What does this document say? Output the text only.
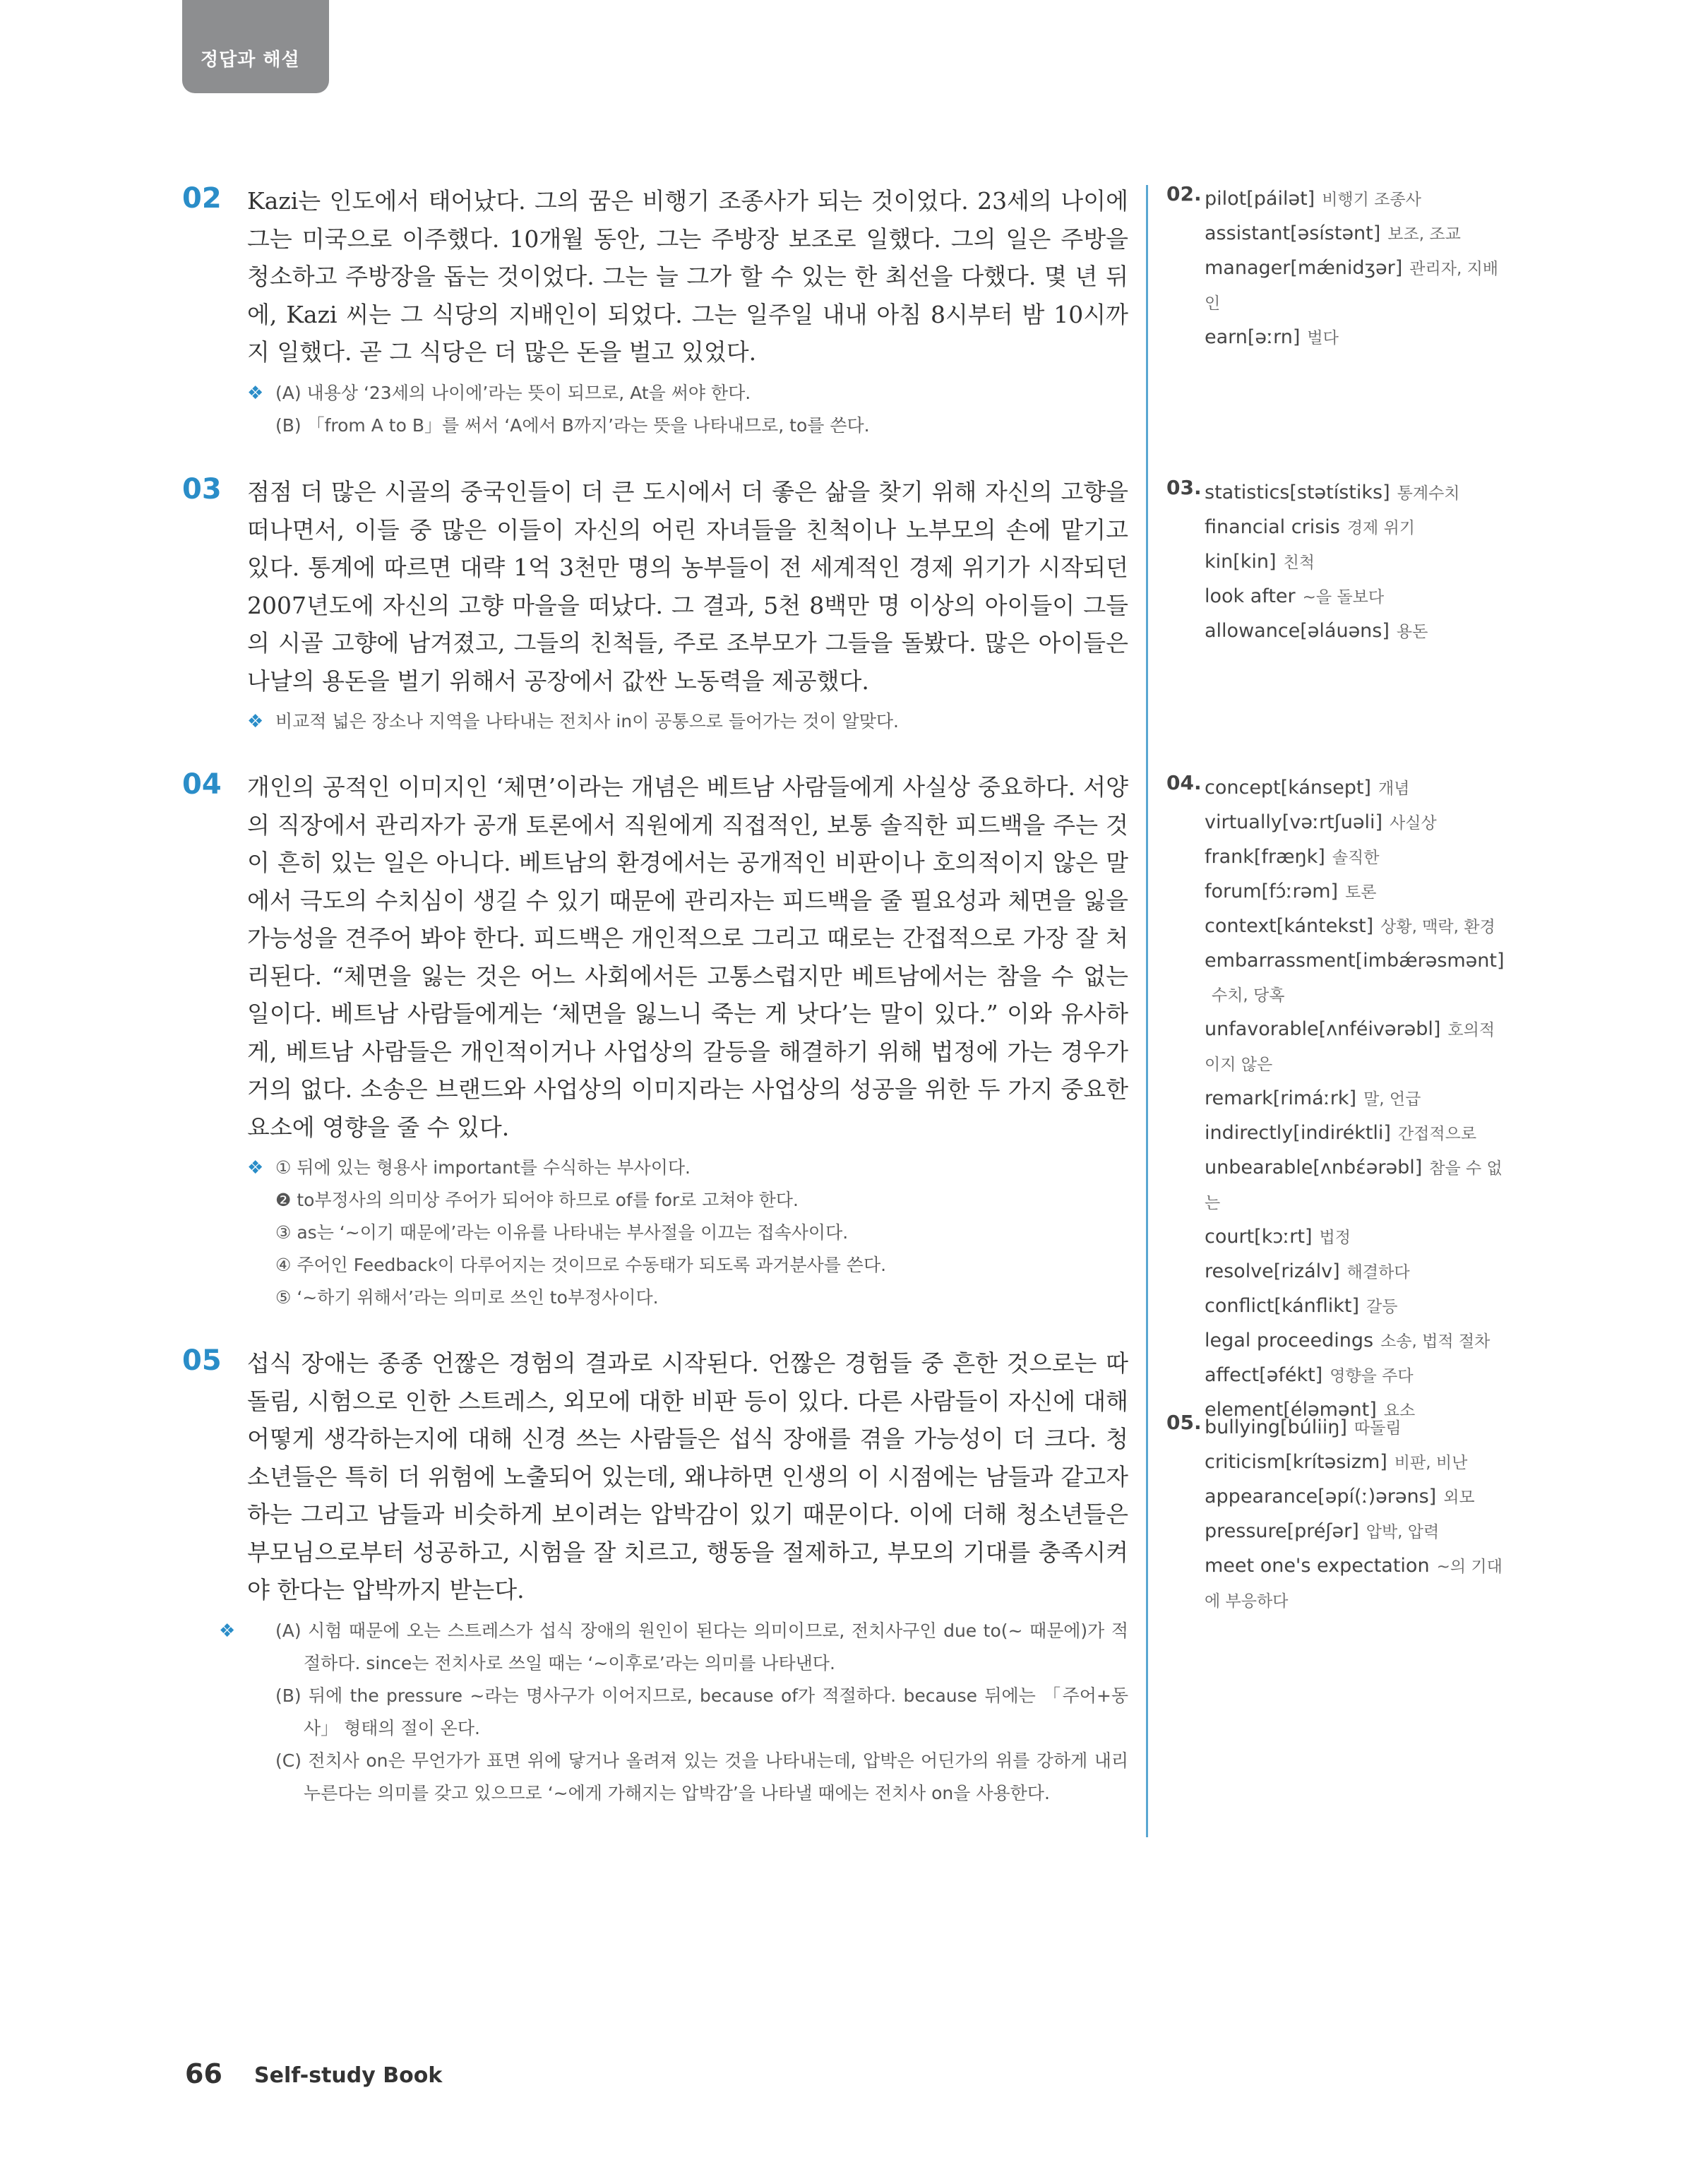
정답과 해설
02 Kazi는 인도에서 태어났다. 그의 꿈은 비행기 조종사가 되는 것이었다. 23세의 나이에 그는 미국으로 이주했다. 10개월 동안, 그는 주방장 보조로 일했다. 그의 일은 주방을 청소하고 주방장을 돕는 것이었다. 그는 늘 그가 할 수 있는 한 최선을 다했다. 몇 년 뒤에, Kazi 씨는 그 식당의 지배인이 되었다. 그는 일주일 내내 아침 8시부터 밤 10시까지 일했다. 곧 그 식당은 더 많은 돈을 벌고 있었다.
❖ (A) 내용상 ‘23세의 나이에’라는 뜻이 되므로, At을 써야 한다.
(B) 「from A to B」를 써서 ‘A에서 B까지’라는 뜻을 나타내므로, to를 쓴다.
03 점점 더 많은 시골의 중국인들이 더 큰 도시에서 더 좋은 삶을 찾기 위해 자신의 고향을 떠나면서, 이들 중 많은 이들이 자신의 어린 자녀들을 친척이나 노부모의 손에 맡기고 있다. 통계에 따르면 대략 1억 3천만 명의 농부들이 전 세계적인 경제 위기가 시작되던 2007년도에 자신의 고향 마을을 떠났다. 그 결과, 5천 8백만 명 이상의 아이들이 그들의 시골 고향에 남겨졌고, 그들의 친척들, 주로 조부모가 그들을 돌봤다. 많은 아이들은 나날의 용돈을 벌기 위해서 공장에서 값싼 노동력을 제공했다.
❖ 비교적 넓은 장소나 지역을 나타내는 전치사 in이 공통으로 들어가는 것이 알맞다.
04 개인의 공적인 이미지인 ‘체면’이라는 개념은 베트남 사람들에게 사실상 중요하다. 서양의 직장에서 관리자가 공개 토론에서 직원에게 직접적인, 보통 솔직한 피드백을 주는 것이 흔히 있는 일은 아니다. 베트남의 환경에서는 공개적인 비판이나 호의적이지 않은 말에서 극도의 수치심이 생길 수 있기 때문에 관리자는 피드백을 줄 필요성과 체면을 잃을 가능성을 견주어 봐야 한다. 피드백은 개인적으로 그리고 때로는 간접적으로 가장 잘 처리된다. “체면을 잃는 것은 어느 사회에서든 고통스럽지만 베트남에서는 참을 수 없는 일이다. 베트남 사람들에게는 ‘체면을 잃느니 죽는 게 낫다’는 말이 있다.” 이와 유사하게, 베트남 사람들은 개인적이거나 사업상의 갈등을 해결하기 위해 법정에 가는 경우가 거의 없다. 소송은 브랜드와 사업상의 이미지라는 사업상의 성공을 위한 두 가지 중요한 요소에 영향을 줄 수 있다.
❖ ① 뒤에 있는 형용사 important를 수식하는 부사이다.
❷ to부정사의 의미상 주어가 되어야 하므로 of를 for로 고쳐야 한다.
③ as는 ‘~이기 때문에’라는 이유를 나타내는 부사절을 이끄는 접속사이다.
④ 주어인 Feedback이 다루어지는 것이므로 수동태가 되도록 과거분사를 쓴다.
⑤ ‘~하기 위해서’라는 의미로 쓰인 to부정사이다.
05 섭식 장애는 종종 언짢은 경험의 결과로 시작된다. 언짢은 경험들 중 흔한 것으로는 따돌림, 시험으로 인한 스트레스, 외모에 대한 비판 등이 있다. 다른 사람들이 자신에 대해 어떻게 생각하는지에 대해 신경 쓰는 사람들은 섭식 장애를 겪을 가능성이 더 크다. 청소년들은 특히 더 위험에 노출되어 있는데, 왜냐하면 인생의 이 시점에는 남들과 같고자 하는 그리고 남들과 비슷하게 보이려는 압박감이 있기 때문이다. 이에 더해 청소년들은 부모님으로부터 성공하고, 시험을 잘 치르고, 행동을 절제하고, 부모의 기대를 충족시켜야 한다는 압박까지 받는다.
❖	(A) 시험 때문에 오는 스트레스가 섭식 장애의 원인이 된다는 의미이므로, 전치사구인 due to(~ 때문에)가 적절하다. since는 전치사로 쓰일 때는 ‘~이후로’라는 의미를 나타낸다.
(B) 뒤에 the pressure ~라는 명사구가 이어지므로, because of가 적절하다. because 뒤에는 「주어+동사」 형태의 절이 온다.
(C) 전치사 on은 무언가가 표면 위에 닿거나 올려져 있는 것을 나타내는데, 압박은 어딘가의 위를 강하게 내리누른다는 의미를 갖고 있으므로 ‘~에게 가해지는 압박감’을 나타낼 때에는 전치사 on을 사용한다.
02. pilot[páilət] 비행기 조종사
assistant[əsístənt] 보조, 조교
manager[mǽnidʒər] 관리자, 지배인
earn[əːrn] 벌다
03. statistics[stətístiks] 통계수치
financial crisis 경제 위기
kin[kin] 친척
look after ~을 돌보다
allowance[əláuəns] 용돈
04. concept[kánsept] 개념
virtually[vəːrtʃuəli] 사실상
frank[fræŋk] 솔직한
forum[fɔ́ːrəm] 토론
context[kántekst] 상황, 맥락, 환경
embarrassment[imbǽrəsmənt]수치, 당혹
unfavorable[ʌnféivərəbl] 호의적이지 않은
remark[rimáːrk] 말, 언급
indirectly[indiréktli] 간접적으로
unbearable[ʌnbɛ́ərəbl] 참을 수 없는
court[kɔːrt] 법정
resolve[rizálv] 해결하다
conflict[kánflikt] 갈등
legal proceedings 소송, 법적 절차
affect[əfékt] 영향을 주다
element[éləmənt] 요소
05. bullying[búliiŋ] 따돌림
criticism[krítəsizm] 비판, 비난
appearance[əpí(ː)ərəns] 외모
pressure[préʃər] 압박, 압력
meet one's expectation ~의 기대에 부응하다
66 Self-study Book
